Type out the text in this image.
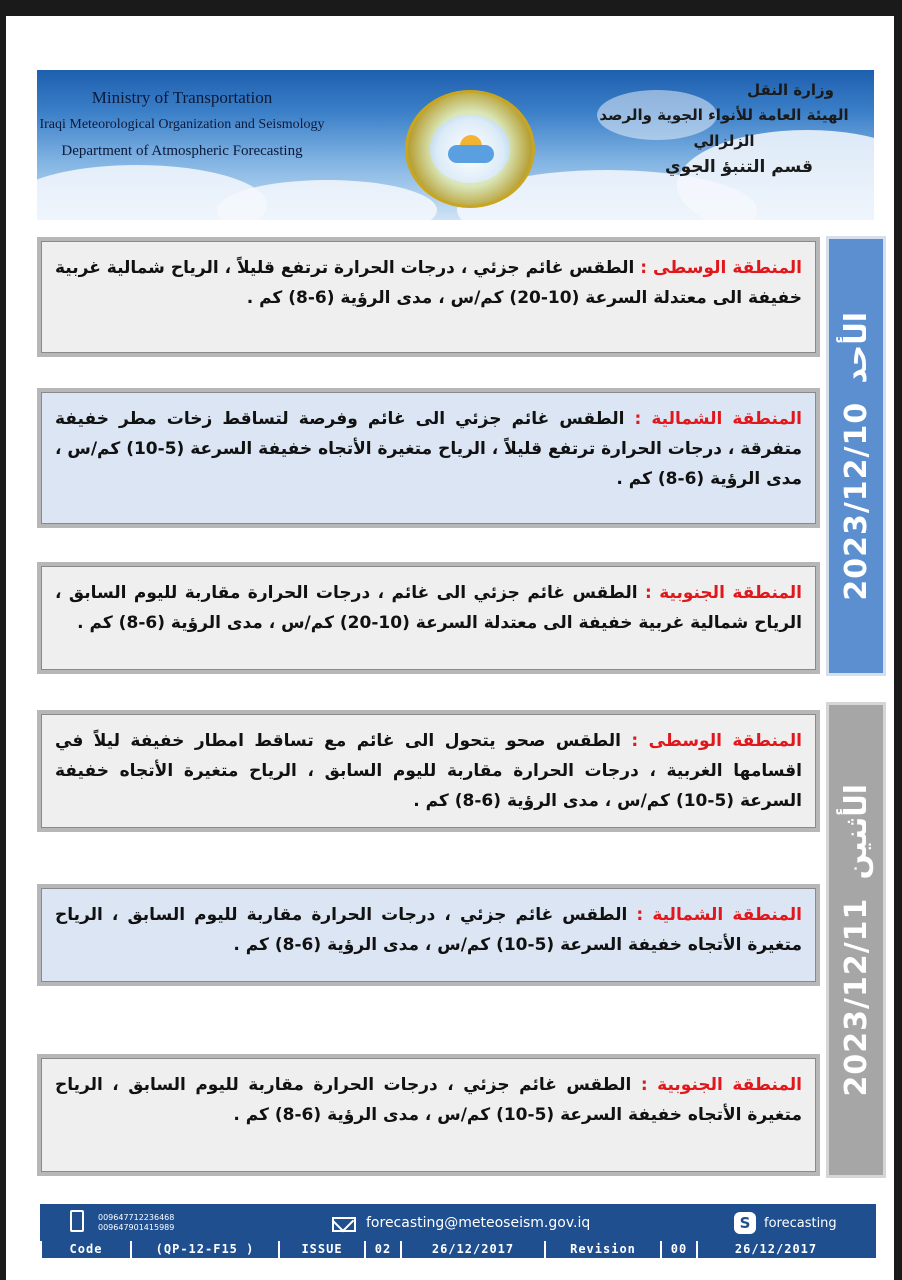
Ministry of Transportation
Iraqi Meteorological Organization and Seismology
Department of Atmospheric Forecasting
وزارة النقل
الهيئة العامة للأنواء الجوية والرصد الزلزالي
قسم التنبؤ الجوي
2023/12/10
الأحد
2023/12/11
الأثنين
المنطقة الوسطى : الطقس غائم جزئي ، درجات الحرارة ترتفع قليلاً ، الرياح شمالية غربية خفيفة الى معتدلة السرعة (10-20) كم/س ، مدى الرؤية (6-8) كم .
المنطقة الشمالية : الطقس غائم جزئي الى غائم وفرصة لتساقط زخات مطر خفيفة متفرقة ، درجات الحرارة ترتفع قليلاً ، الرياح متغيرة الأتجاه خفيفة السرعة (5-10) كم/س ، مدى الرؤية (6-8) كم .
المنطقة الجنوبية : الطقس غائم جزئي الى غائم ، درجات الحرارة مقاربة لليوم السابق ، الرياح شمالية غربية خفيفة الى معتدلة السرعة (10-20) كم/س ، مدى الرؤية (6-8) كم .
المنطقة الوسطى : الطقس صحو يتحول الى غائم مع تساقط امطار خفيفة ليلاً في اقسامها الغربية ، درجات الحرارة مقاربة لليوم السابق ، الرياح متغيرة الأتجاه خفيفة السرعة (5-10) كم/س ، مدى الرؤية (6-8) كم .
المنطقة الشمالية : الطقس غائم جزئي ، درجات الحرارة مقاربة لليوم السابق ، الرياح متغيرة الأتجاه خفيفة السرعة (5-10) كم/س ، مدى الرؤية (6-8) كم .
المنطقة الجنوبية : الطقس غائم جزئي ، درجات الحرارة مقاربة لليوم السابق ، الرياح متغيرة الأتجاه خفيفة السرعة (5-10) كم/س ، مدى الرؤية (6-8) كم .
009647712236468
009647901415989	forecasting@meteoseism.gov.iq	S	forecasting
Code	(QP-12-F15 )	ISSUE	02	26/12/2017	Revision	00	26/12/2017
